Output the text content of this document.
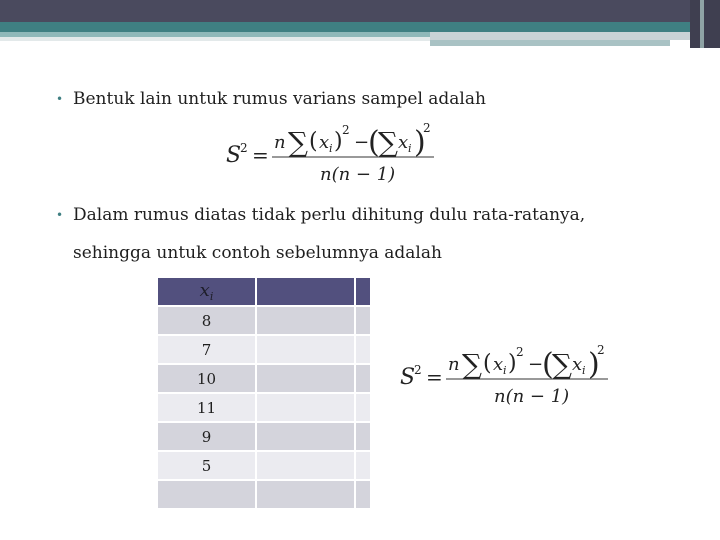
• Bentuk lain untuk rumus varians sampel adalah
S
2 =
n ∑ ( x i ) 2
−
(
∑ x i )
2
n(n − 1)
• Dalam rumus diatas tidak perlu dihitung dulu rata-ratanya,
sehingga untuk contoh sebelumnya adalah
$x_i$		
8		
7		
10		
11		
9		
5		

S
2 =
n ∑ ( x i ) 2
−
(
∑ x i )
2
n(n − 1)
